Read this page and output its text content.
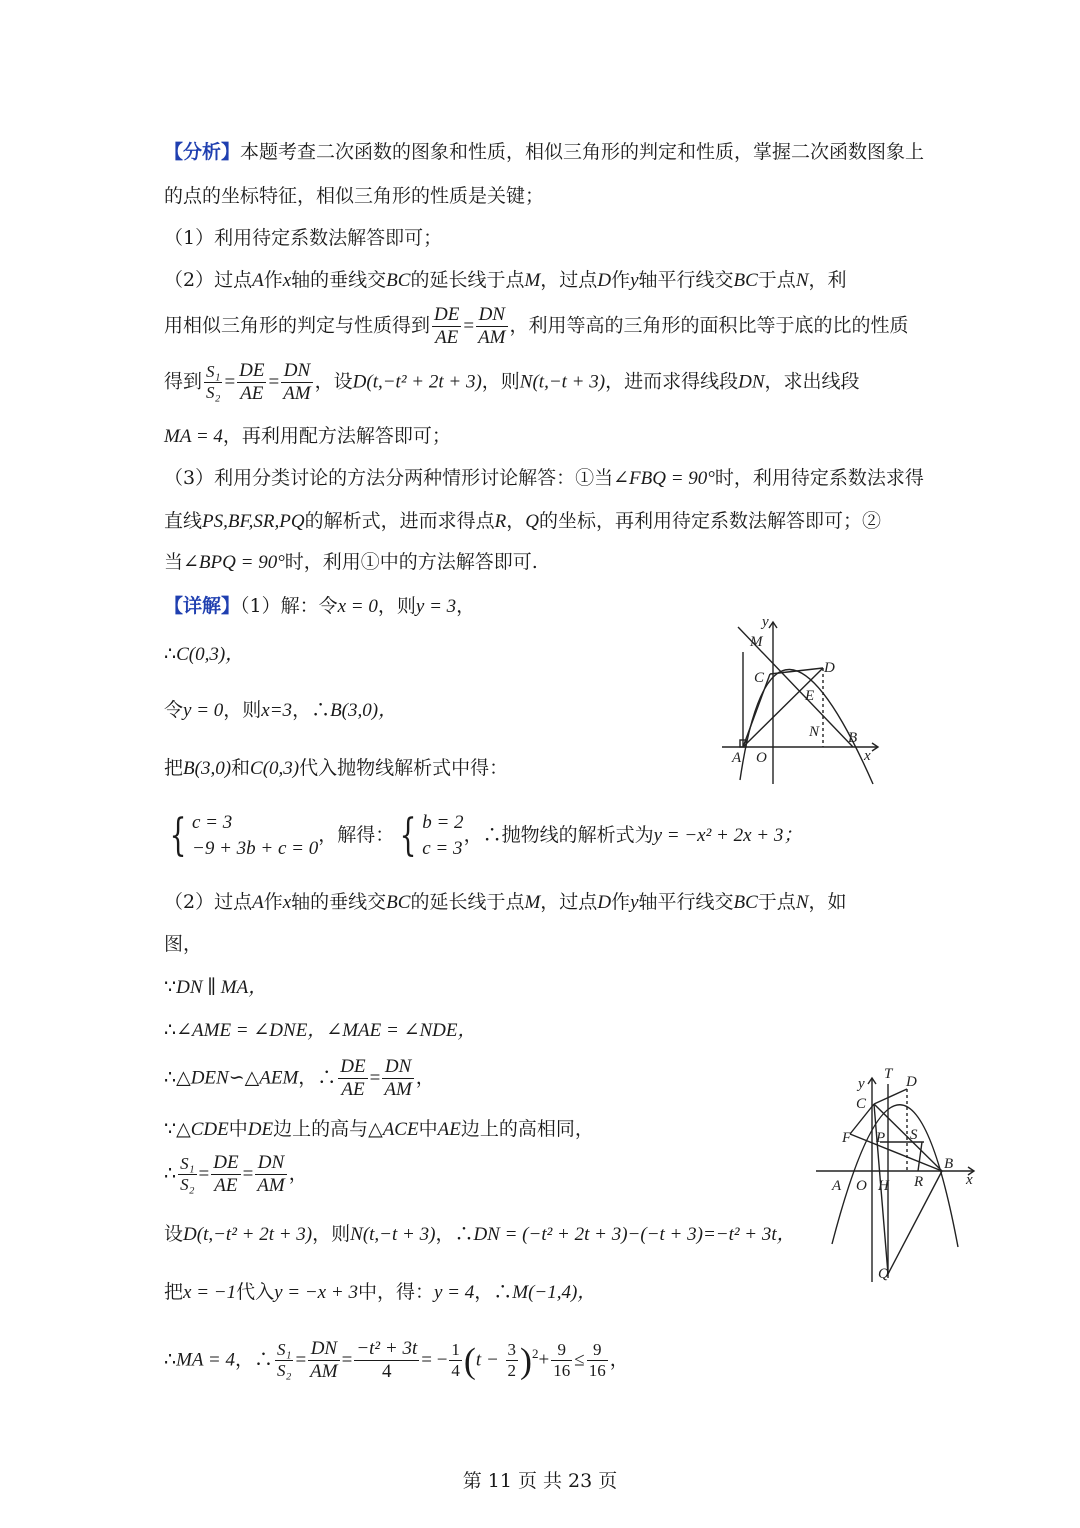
【分析】本题考查二次函数的图象和性质，相似三角形的判定和性质，掌握二次函数图象上
的点的坐标特征，相似三角形的性质是关键；
（1）利用待定系数法解答即可；
（2）过点A作x轴的垂线交BC的延长线于点M，过点D作y轴平行线交BC于点N，利
用相似三角形的判定与性质得到 $\frac{DE}{AE} = \frac{DN}{AM}$ ，利用等高的三角形的面积比等于底的比的性质
得到 $\frac{\text{S₁}}{\text{S₂}} = \frac{DE}{AE} = \frac{DN}{AM}$ ，设D(t,−t² + 2t + 3)，则N(t,−t + 3)，进而求得线段DN，求出线段
MA = 4，再利用配方法解答即可；
（3）利用分类讨论的方法分两种情形讨论解答：①当∠FBQ = 90°时，利用待定系数法求得
直线PS,BF,SR,PQ的解析式，进而求得点R，Q的坐标，再利用待定系数法解答即可；②
当∠BPQ = 90°时，利用①中的方法解答即可.
【详解】（1）解：令x = 0，则y = 3，
∴C(0,3)，
令y = 0，则x=3，∴B(3,0)，
把B(3,0)和C(0,3)代入抛物线解析式中得：
{ c = 3
−9 + 3b + c = 0
，解得： { b = 2
c = 3
，∴抛物线的解析式为y = −x² + 2x + 3；
（2）过点A作x轴的垂线交BC的延长线于点M，过点D作y轴平行线交BC于点N，如
图，
∵DN ∥ MA，
∴∠AME = ∠DNE，∠MAE = ∠NDE，
∴△DEN∽△AEM，∴ $\frac{DE}{AE} = \frac{DN}{AM}$ ，
∵△CDE中DE边上的高与△ACE中AE边上的高相同，
∴ $\frac{\text{S₁}}{\text{S₂}} = \frac{DE}{AE} = \frac{DN}{AM}$ ，
设D(t,−t² + 2t + 3)，则N(t,−t + 3)，∴DN = (−t² + 2t + 3)−(−t + 3)=−t² + 3t，
把x = −1代入y = −x + 3中，得：y = 4，∴M(−1,4)，
∴MA = 4，∴ $\frac{\text{S₁}}{\text{S₂}} = \frac{DN}{AM} = \frac{\text{−t² + 3t}}{4}$ = − $\frac{1}{4} (t - \frac{3}{2} )^2+ \frac{9}{16} \le \frac{9}{16}$ ，
y
M
D
C
E
N B
A O	x
y
T D
C
F P S
B
A O H R	x
Q
第 11 页 共 23 页
